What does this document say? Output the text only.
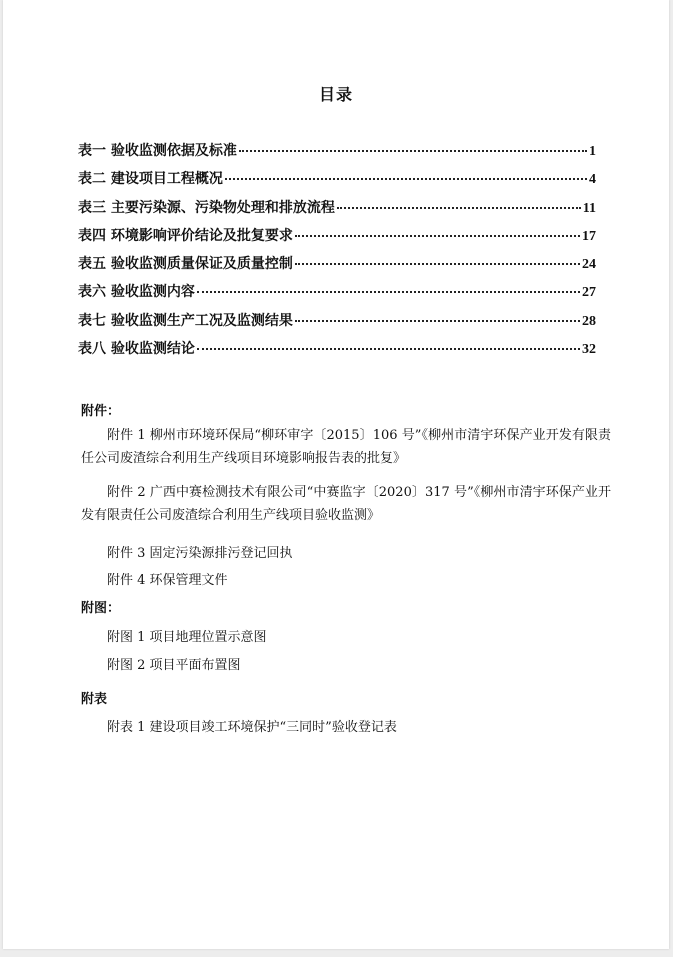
目录
表一 验收监测依据及标准	1
表二 建设项目工程概况	4
表三 主要污染源、污染物处理和排放流程	11
表四 环境影响评价结论及批复要求	17
表五 验收监测质量保证及质量控制	24
表六 验收监测内容	27
表七 验收监测生产工况及监测结果	28
表八 验收监测结论	32
附件：
附件 1 柳州市环境环保局“柳环审字〔2015〕106 号”《柳州市清宇环保产业开发有限责任公司废渣综合利用生产线项目环境影响报告表的批复》
附件 2 广西中赛检测技术有限公司“中赛监字〔2020〕317 号”《柳州市清宇环保产业开发有限责任公司废渣综合利用生产线项目验收监测》
附件 3 固定污染源排污登记回执
附件 4 环保管理文件
附图：
附图 1 项目地理位置示意图
附图 2 项目平面布置图
附表
附表 1 建设项目竣工环境保护“三同时”验收登记表
